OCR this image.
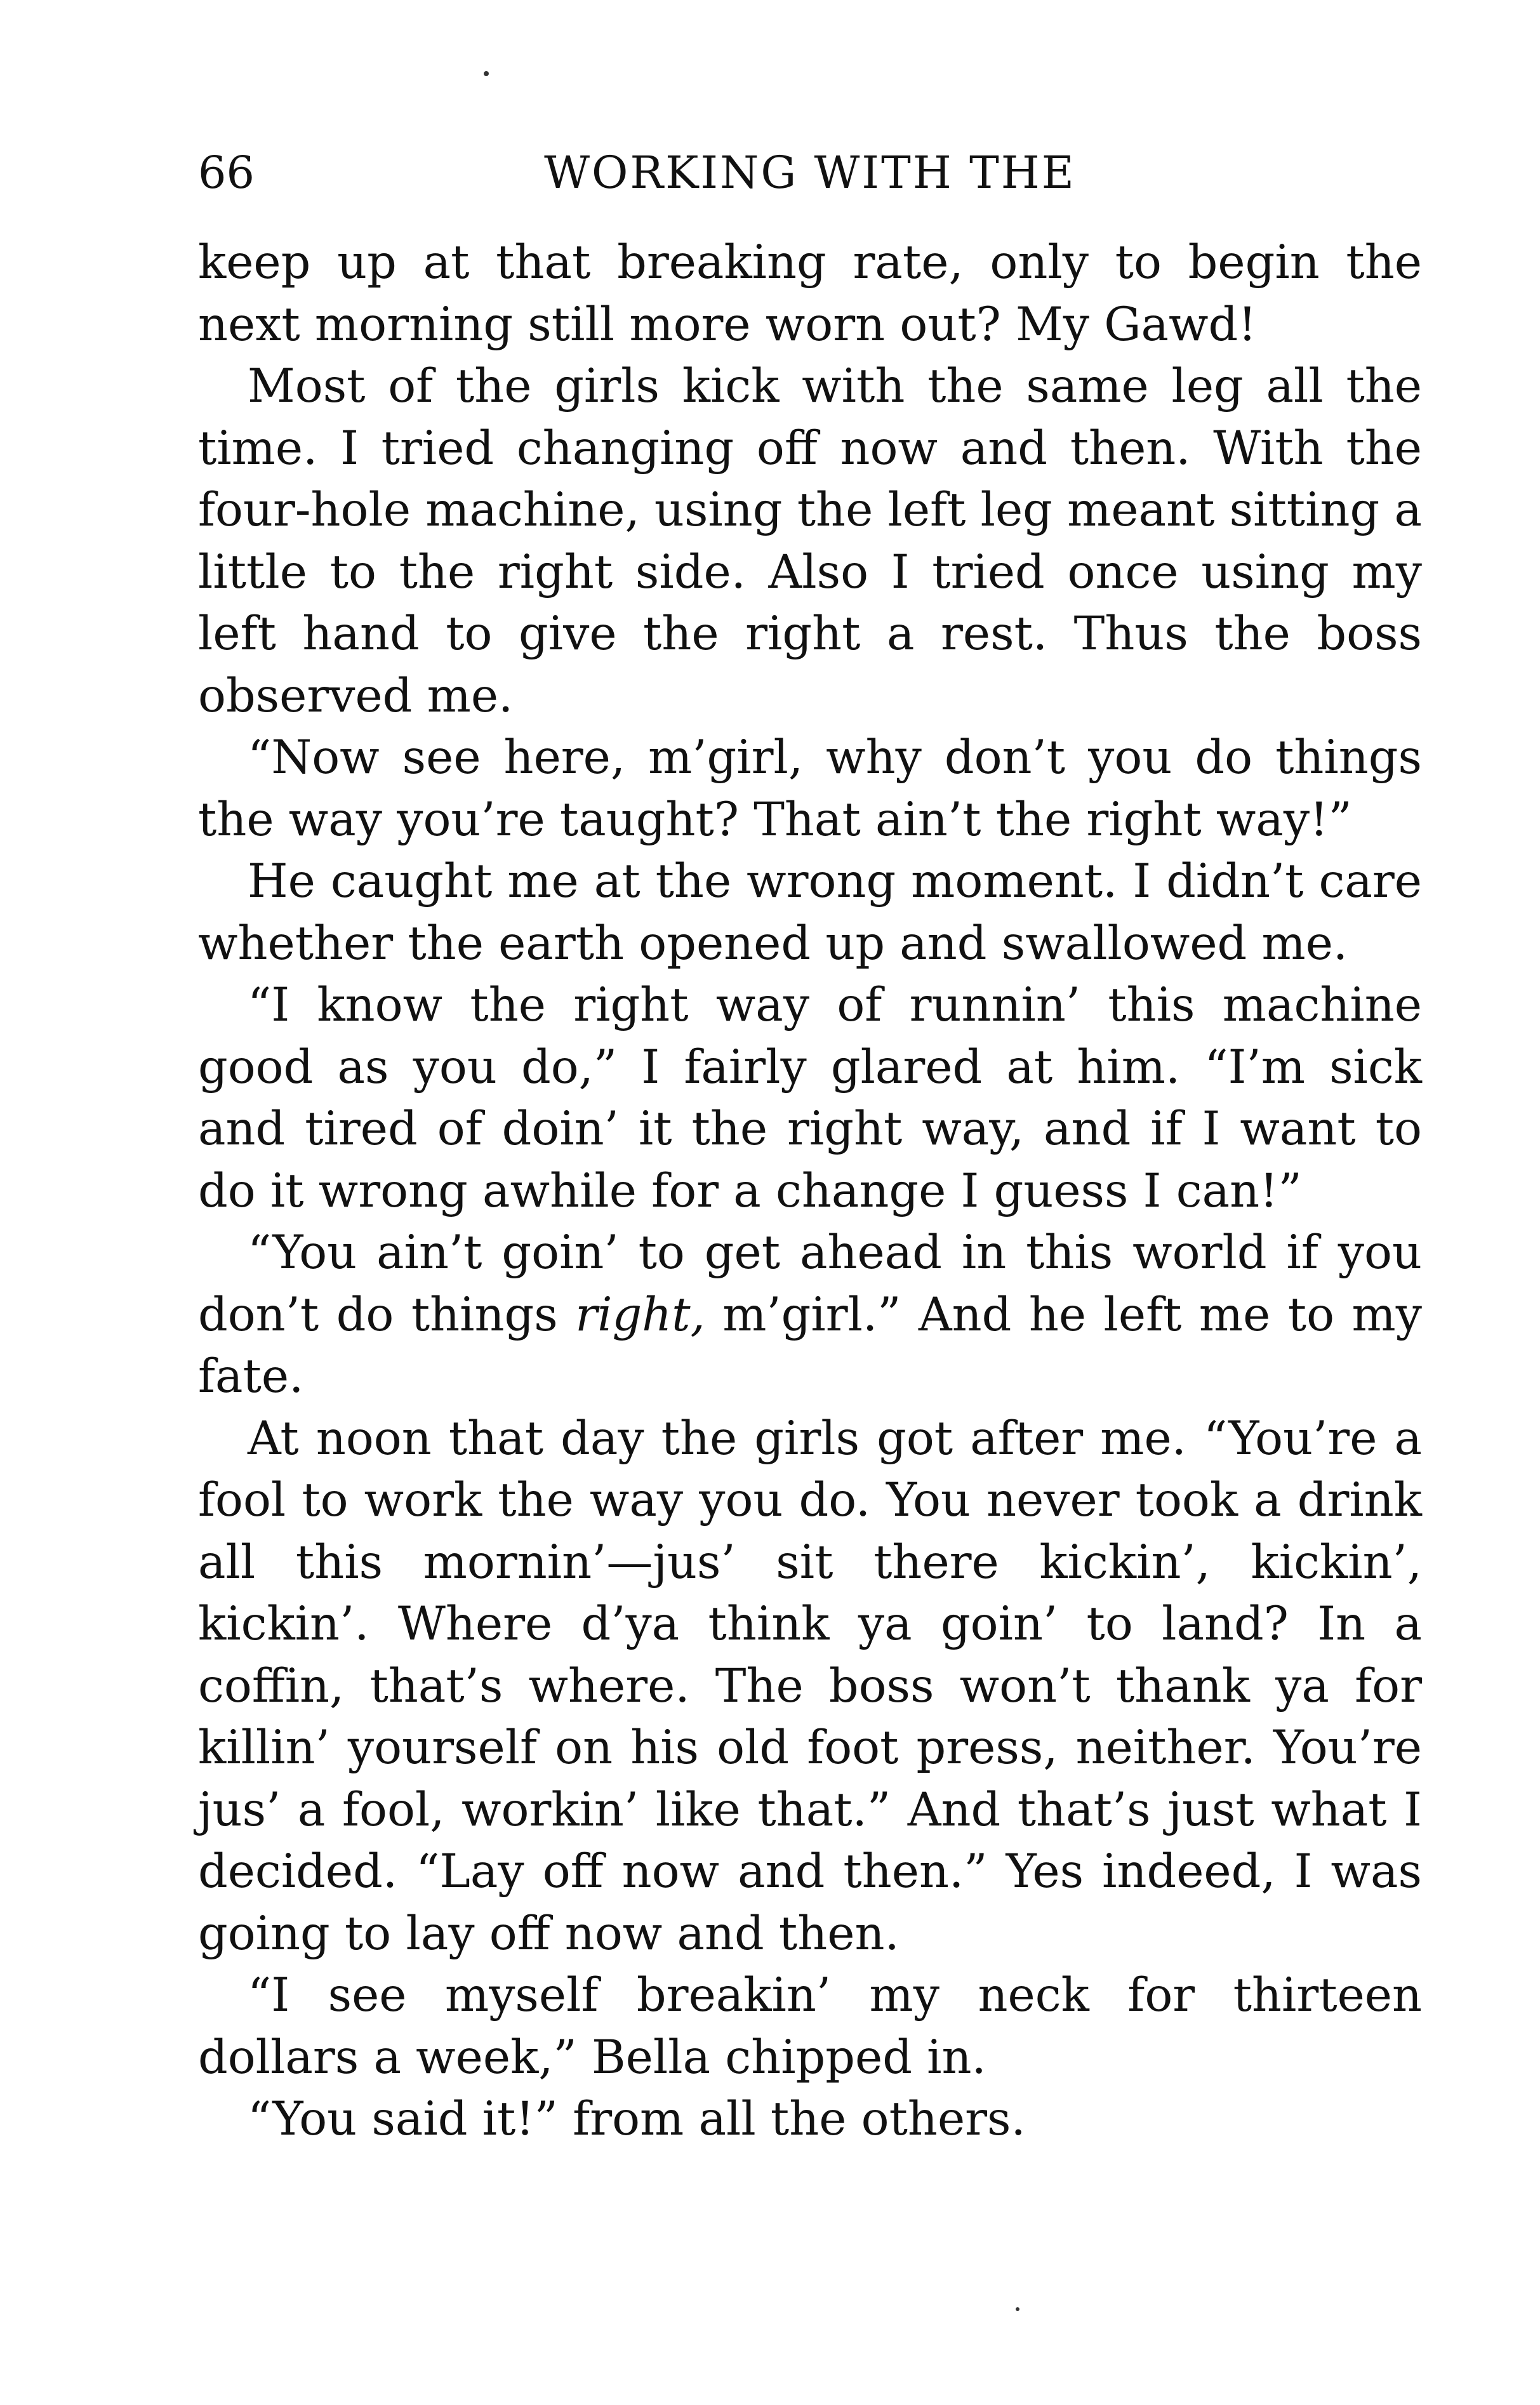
66	WORKING WITH THE

keep up at that breaking rate, only to begin the next morning still more worn out? My Gawd!

Most of the girls kick with the same leg all the time. I tried changing off now and then. With the four-hole machine, using the left leg meant sitting a little to the right side. Also I tried once using my left hand to give the right a rest. Thus the boss observed me.

“Now see here, m’girl, why don’t you do things the way you’re taught? That ain’t the right way!”

He caught me at the wrong moment. I didn’t care whether the earth opened up and swallowed me.

“I know the right way of runnin’ this machine good as you do,” I fairly glared at him. “I’m sick and tired of doin’ it the right way, and if I want to do it wrong awhile for a change I guess I can!”

“You ain’t goin’ to get ahead in this world if you don’t do things right, m’girl.” And he left me to my fate.

At noon that day the girls got after me. “You’re a fool to work the way you do. You never took a drink all this mornin’—jus’ sit there kickin’, kickin’, kickin’. Where d’ya think ya goin’ to land? In a coffin, that’s where. The boss won’t thank ya for killin’ yourself on his old foot press, neither. You’re jus’ a fool, workin’ like that.” And that’s just what I decided. “Lay off now and then.” Yes indeed, I was going to lay off now and then.

“I see myself breakin’ my neck for thirteen dollars a week,” Bella chipped in.

“You said it!” from all the others.
